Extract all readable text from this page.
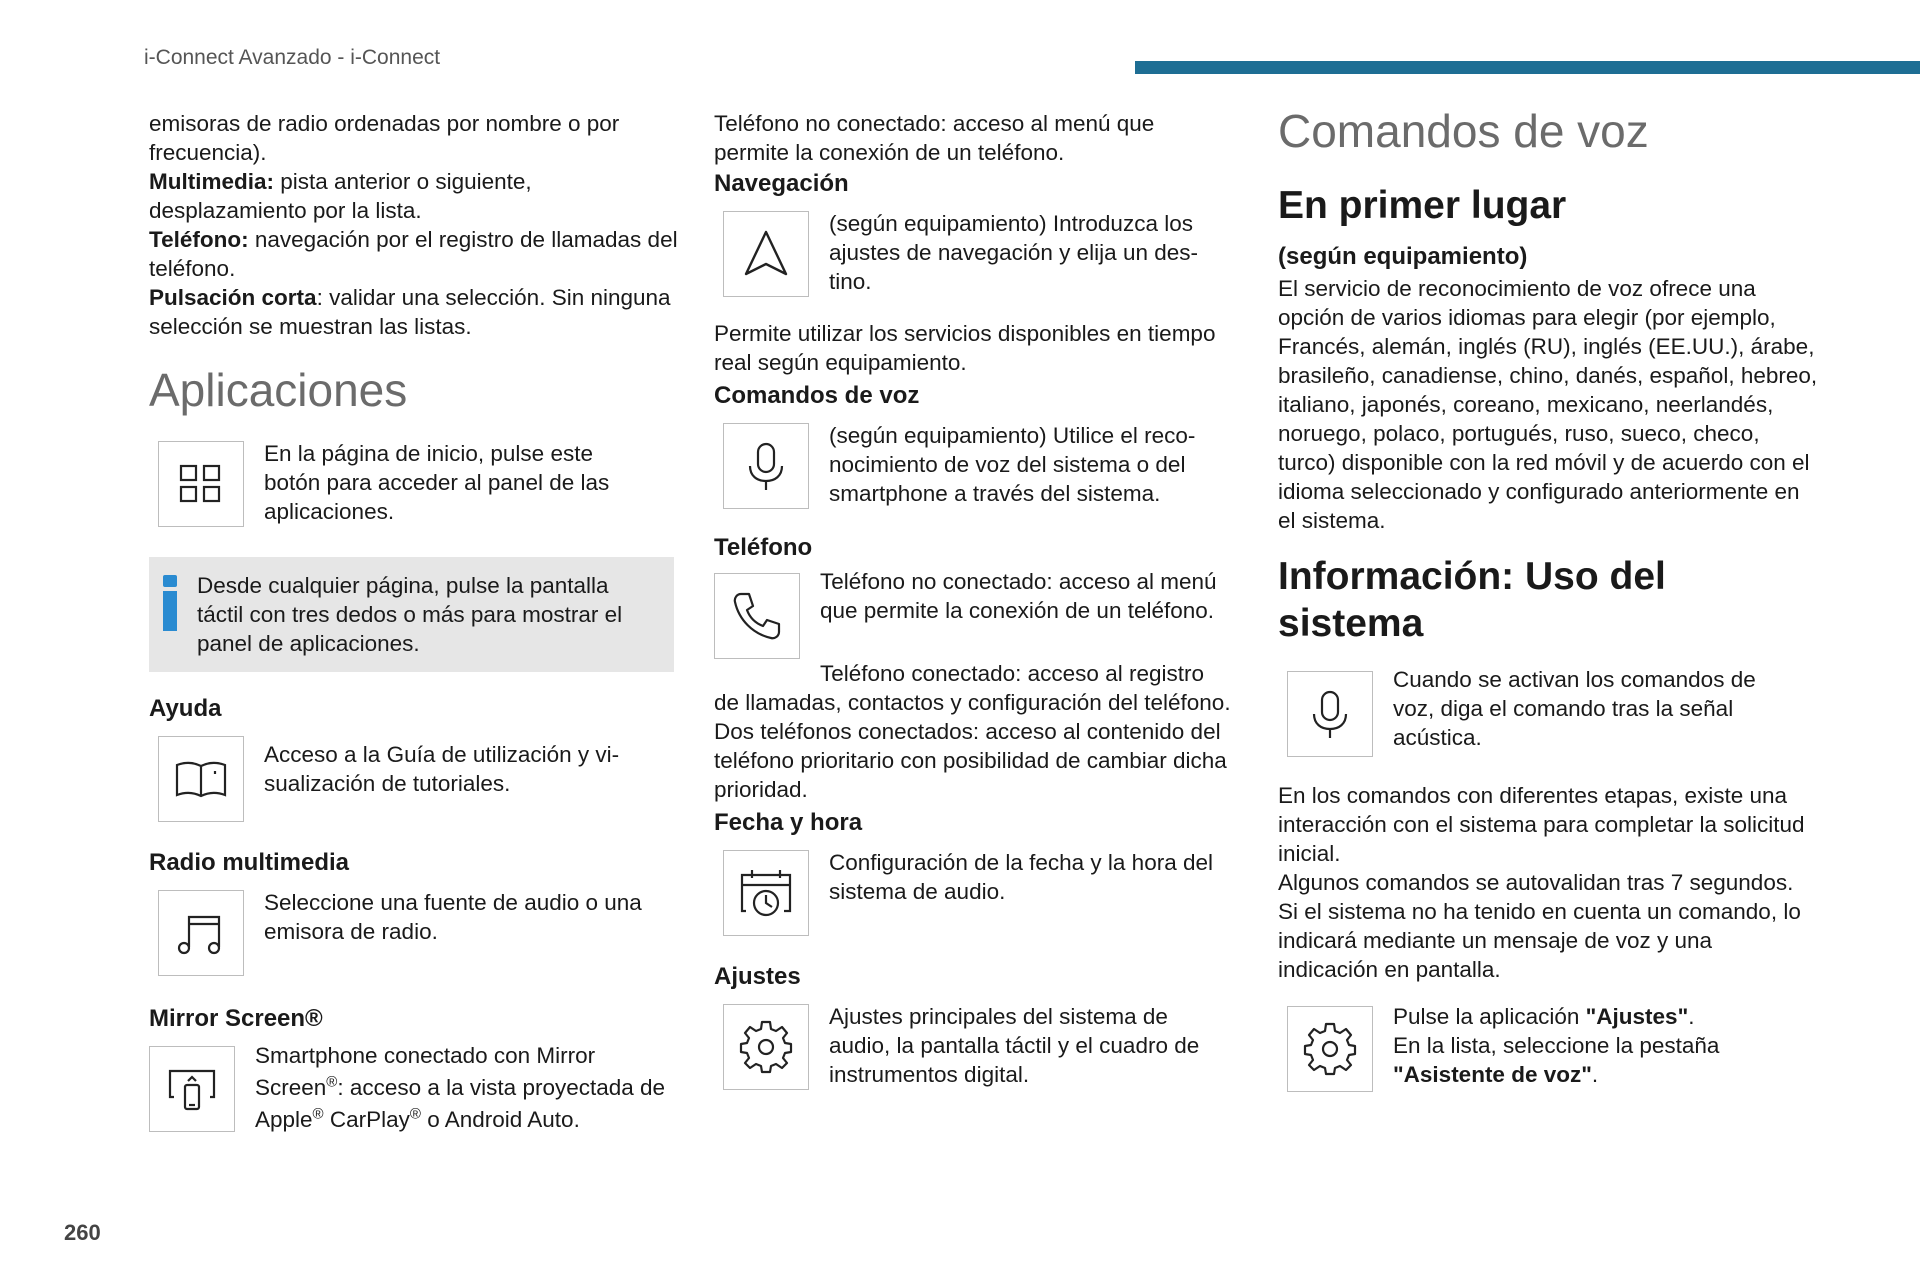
i-Connect Avanzado - i-Connect
260

emisoras de radio ordenadas por nombre o por frecuencia).
Multimedia: pista anterior o siguiente, desplazamiento por la lista.
Teléfono: navegación por el registro de llamadas del teléfono.
Pulsación corta: validar una selección. Sin ninguna selección se muestran las listas.

Aplicaciones

En la página de inicio, pulse este botón para acceder al panel de las aplicaciones.

Desde cualquier página, pulse la pantalla táctil con tres dedos o más para mostrar el panel de aplicaciones.

Ayuda

Acceso a la Guía de utilización y vi-sualización de tutoriales.

Radio multimedia

Seleccione una fuente de audio o una emisora de radio.

Mirror Screen®

Smartphone conectado con Mirror Screen®: acceso a la vista proyectada de Apple® CarPlay® o Android Auto.

Teléfono no conectado: acceso al menú que permite la conexión de un teléfono.

Navegación

(según equipamiento) Introduzca los ajustes de navegación y elija un des-tino.

Permite utilizar los servicios disponibles en tiempo real según equipamiento.

Comandos de voz

(según equipamiento) Utilice el reco-nocimiento de voz del sistema o del smartphone a través del sistema.

Teléfono

Teléfono no conectado: acceso al menú que permite la conexión de un teléfono.

Teléfono conectado: acceso al registro de llamadas, contactos y configuración del teléfono.

Dos teléfonos conectados: acceso al contenido del teléfono prioritario con posibilidad de cambiar dicha prioridad.

Fecha y hora

Configuración de la fecha y la hora del sistema de audio.

Ajustes

Ajustes principales del sistema de audio, la pantalla táctil y el cuadro de instrumentos digital.

Comandos de voz
En primer lugar
(según equipamiento)

El servicio de reconocimiento de voz ofrece una opción de varios idiomas para elegir (por ejemplo, Francés, alemán, inglés (RU), inglés (EE.UU.), árabe, brasileño, canadiense, chino, danés, español, hebreo, italiano, japonés, coreano, mexicano, neerlandés, noruego, polaco, portugués, ruso, sueco, checo, turco) disponible con la red móvil y de acuerdo con el idioma seleccionado y configurado anteriormente en el sistema.

Información: Uso del sistema

Cuando se activan los comandos de voz, diga el comando tras la señal acústica.

En los comandos con diferentes etapas, existe una interacción con el sistema para completar la solicitud inicial.

Algunos comandos se autovalidan tras 7 segundos.

Si el sistema no ha tenido en cuenta un comando, lo indicará mediante un mensaje de voz y una indicación en pantalla.

Pulse la aplicación "Ajustes".
En la lista, seleccione la pestaña "Asistente de voz".
